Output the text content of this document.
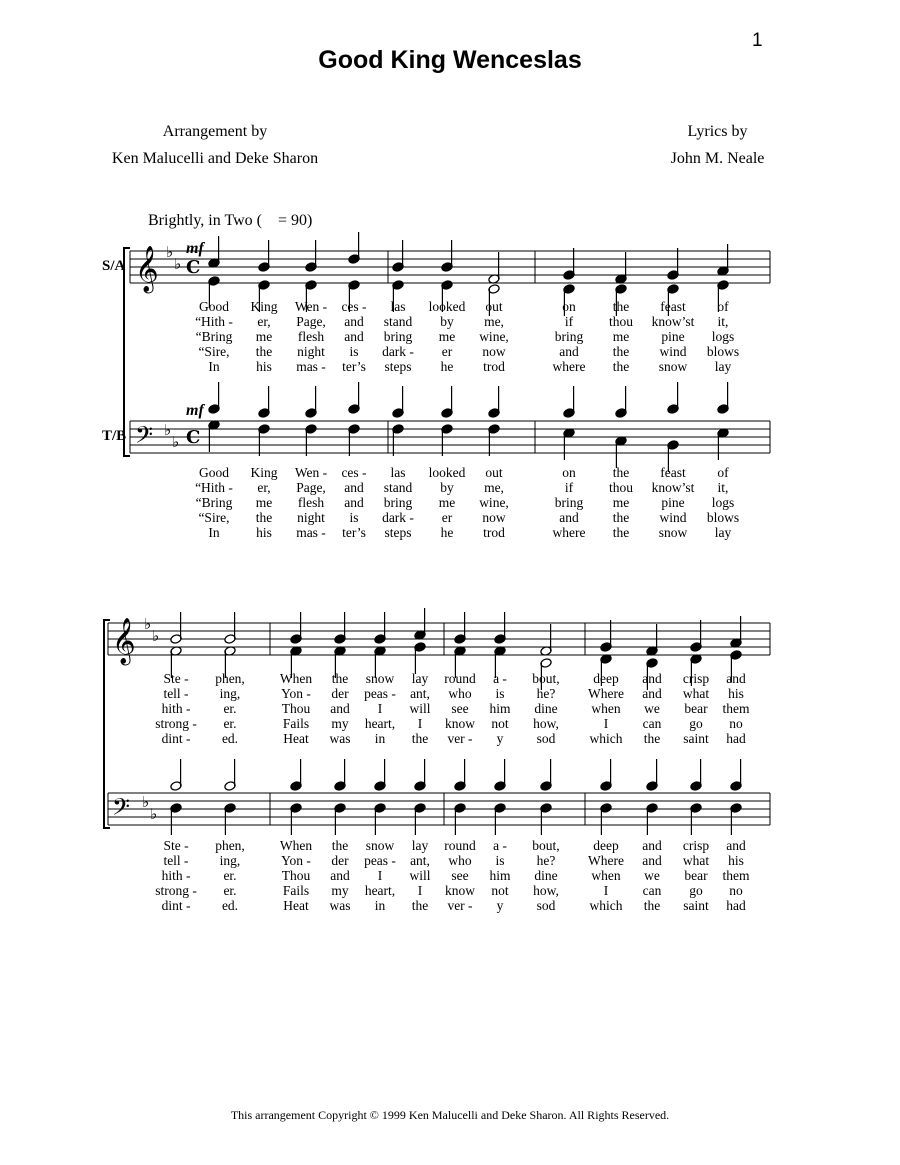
1
Good King Wenceslas
Arrangement by
Ken Malucelli and Deke Sharon
Lyrics by
John M. Neale
Brightly, in Two ( = 90)
S/A
T/B
mf
mf
𝄞
𝄢
♭
♭
♭
♭
C
C
𝄞
𝄢
♭
♭
♭
♭
Good King Wen - ces - las looked out	on	the feast of
“Hith - er, Page, and stand by me,	if	thou know’st it,
“Bring me flesh and bring me wine,	bring me pine logs
“Sire, the night is dark - er now	and	the wind blows
In	his mas - ter’s steps he trod	where the snow lay
Good King Wen - ces - las looked out	on	the feast of
“Hith - er, Page, and stand by me,	if	thou know’st it,
“Bring me flesh and bring me wine,	bring me pine logs
“Sire, the night is dark - er now	and	the wind blows
In	his mas - ter’s steps he trod	where the snow lay
Ste - phen,	When the snow lay round a - bout, deep and crisp and
tell - ing,	Yon - der peas - ant, who is he? Where and what his
hith - er.	Thou and I will see him dine	when we bear them
strong - er.	Fails my heart, I know not how,	I	can go no
dint - ed.	Heat was in the ver - y sod	which the saint had
Ste - phen,	When the snow lay round a - bout, deep and crisp and
tell - ing,	Yon - der peas - ant, who is he? Where and what his
hith - er.	Thou and I will see him dine	when we bear them
strong - er.	Fails my heart, I know not how,	I	can go no
dint - ed.	Heat was in the ver - y sod	which the saint had
This arrangement Copyright © 1999 Ken Malucelli and Deke Sharon. All Rights Reserved.
